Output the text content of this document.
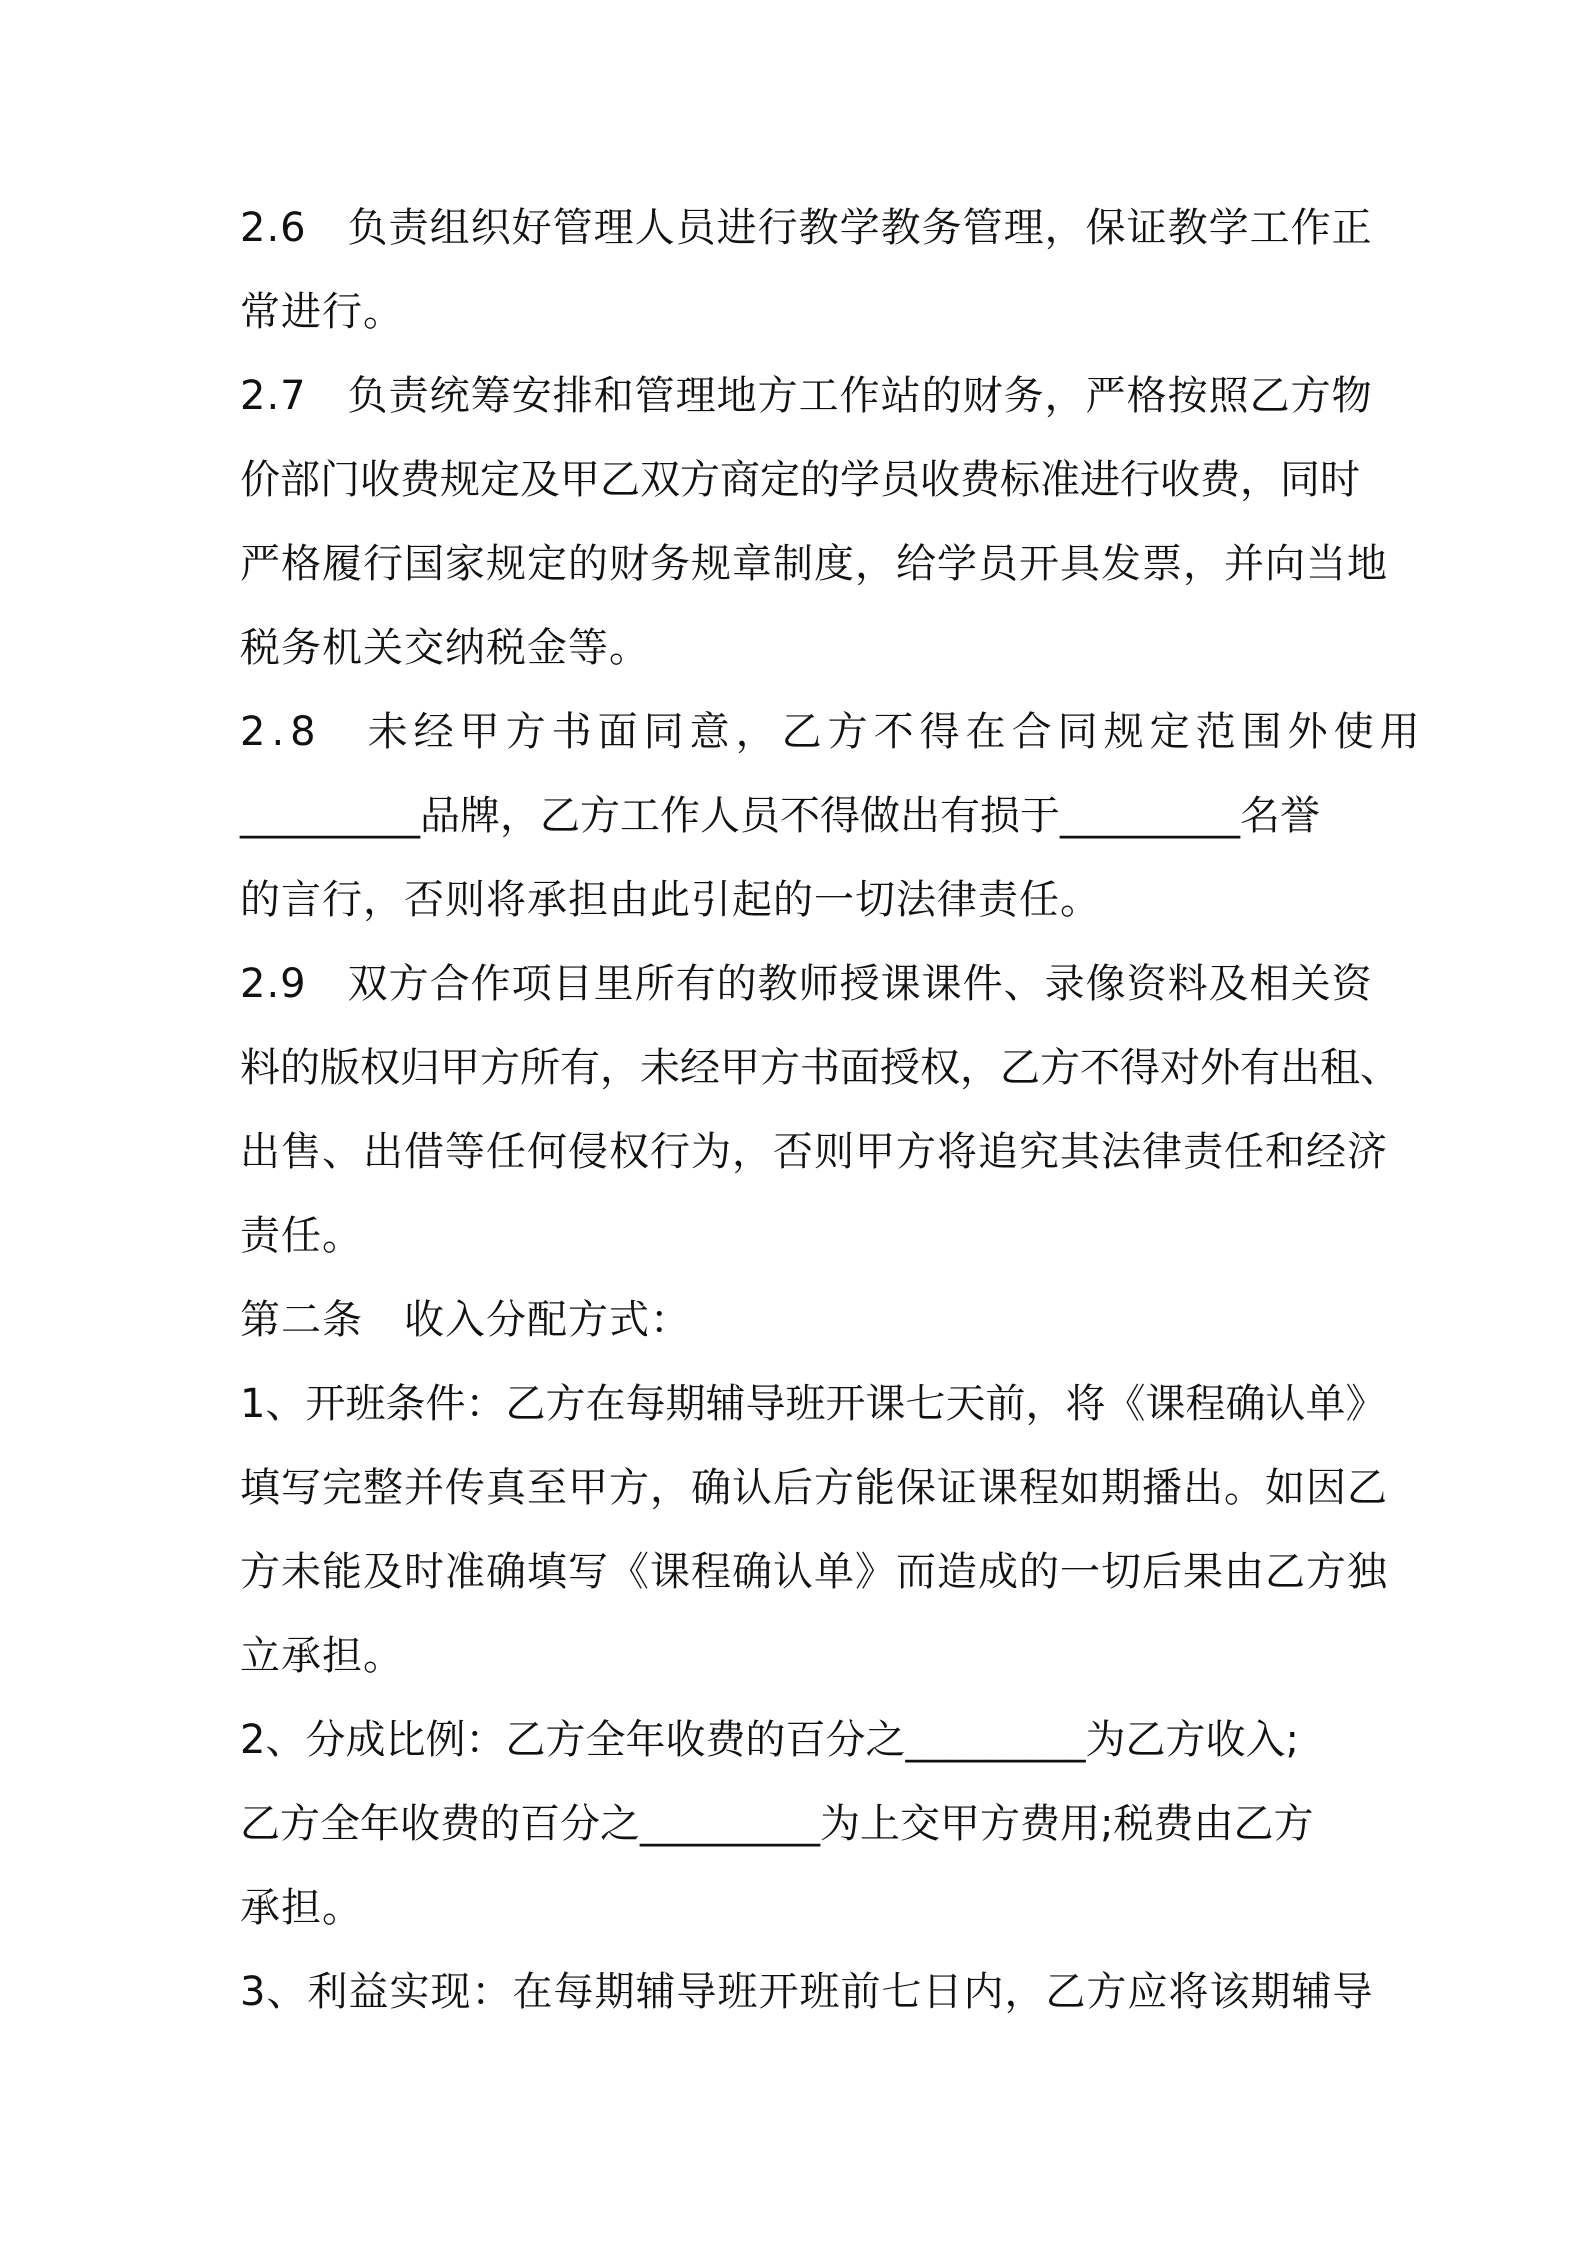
2.6　负责组织好管理人员进行教学教务管理，保证教学工作正
常进行。
2.7　负责统筹安排和管理地方工作站的财务，严格按照乙方物
价部门收费规定及甲乙双方商定的学员收费标准进行收费，同时
严格履行国家规定的财务规章制度，给学员开具发票，并向当地
税务机关交纳税金等。
2.8　未经甲方书面同意，乙方不得在合同规定范围外使用
_________品牌，乙方工作人员不得做出有损于_________名誉
的言行，否则将承担由此引起的一切法律责任。
2.9　双方合作项目里所有的教师授课课件、录像资料及相关资
料的版权归甲方所有，未经甲方书面授权，乙方不得对外有出租、
出售、出借等任何侵权行为，否则甲方将追究其法律责任和经济
责任。
第二条　收入分配方式：
1、开班条件：乙方在每期辅导班开课七天前，将《课程确认单》
填写完整并传真至甲方，确认后方能保证课程如期播出。如因乙
方未能及时准确填写《课程确认单》而造成的一切后果由乙方独
立承担。
2、分成比例：乙方全年收费的百分之_________为乙方收入;
乙方全年收费的百分之_________为上交甲方费用;税费由乙方
承担。
3、利益实现：在每期辅导班开班前七日内，乙方应将该期辅导
